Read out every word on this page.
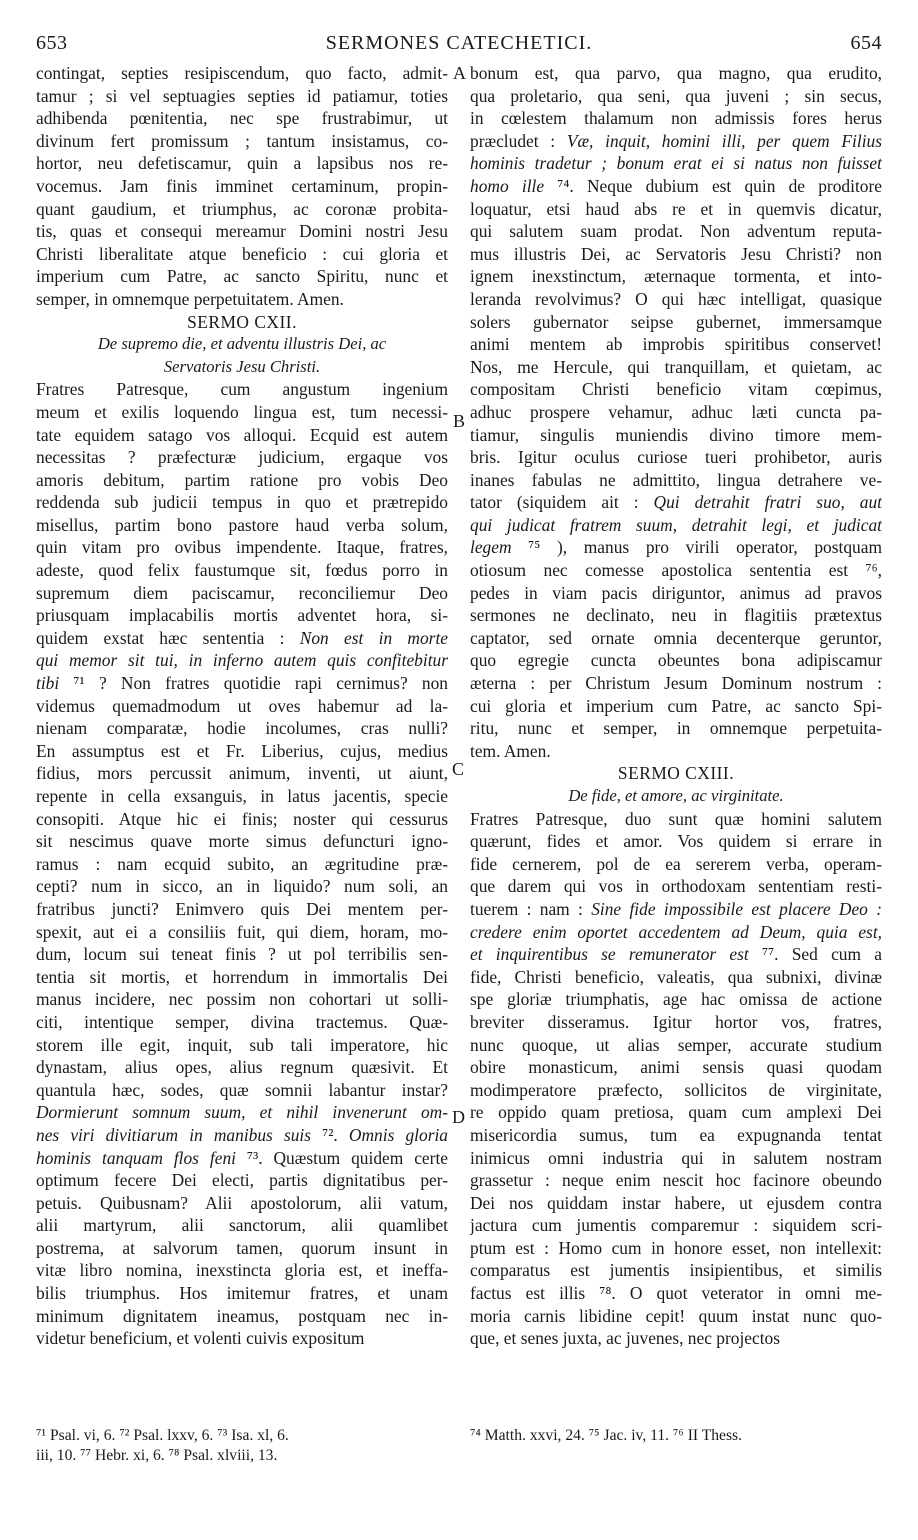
653	SERMONES CATECHETICI.	654
contingat, septies resipiscendum, quo facto, admit-
tamur ; si vel septuagies septies id patiamur, toties
adhibenda pœnitentia, nec spe frustrabimur, ut
divinum fert promissum ; tantum insistamus, co-
hortor, neu defetiscamur, quin a lapsibus nos re-
vocemus. Jam finis imminet certaminum, propin-
quant gaudium, et triumphus, ac coronæ probita-
tis, quas et consequi mereamur Domini nostri Jesu
Christi liberalitate atque beneficio : cui gloria et
imperium cum Patre, ac sancto Spiritu, nunc et
semper, in omnemque perpetuitatem. Amen.
SERMO CXII.
De supremo die, et adventu illustris Dei, ac
Servatoris Jesu Christi.
Fratres Patresque, cum angustum ingenium
meum et exilis loquendo lingua est, tum necessi-
tate equidem satago vos alloqui. Ecquid est autem
necessitas ? præfecturæ judicium, ergaque vos
amoris debitum, partim ratione pro vobis Deo
reddenda sub judicii tempus in quo et prætrepido
misellus, partim bono pastore haud verba solum,
quin vitam pro ovibus impendente. Itaque, fratres,
adeste, quod felix faustumque sit, fœdus porro in
supremum diem paciscamur, reconciliemur Deo
priusquam implacabilis mortis adventet hora, si-
quidem exstat hæc sententia : Non est in morte
qui memor sit tui, in inferno autem quis confitebitur
tibi ⁷¹ ? Non fratres quotidie rapi cernimus? non
videmus quemadmodum ut oves habemur ad la-
nienam comparatæ, hodie incolumes, cras nulli?
En assumptus est et Fr. Liberius, cujus, medius
fidius, mors percussit animum, inventi, ut aiunt,
repente in cella exsanguis, in latus jacentis, specie
consopiti. Atque hic ei finis; noster qui cessurus
sit nescimus quave morte simus defuncturi igno-
ramus : nam ecquid subito, an ægritudine præ-
cepti? num in sicco, an in liquido? num soli, an
fratribus juncti? Enimvero quis Dei mentem per-
spexit, aut ei a consiliis fuit, qui diem, horam, mo-
dum, locum sui teneat finis ? ut pol terribilis sen-
tentia sit mortis, et horrendum in immortalis Dei
manus incidere, nec possim non cohortari ut solli-
citi, intentique semper, divina tractemus. Quæ-
storem ille egit, inquit, sub tali imperatore, hic
dynastam, alius opes, alius regnum quæsivit. Et
quantula hæc, sodes, quæ somnii labantur instar?
Dormierunt somnum suum, et nihil invenerunt om-
nes viri divitiarum in manibus suis ⁷². Omnis gloria
hominis tanquam flos feni ⁷³. Quæstum quidem certe
optimum fecere Dei electi, partis dignitatibus per-
petuis. Quibusnam? Alii apostolorum, alii vatum,
alii martyrum, alii sanctorum, alii quamlibet
postrema, at salvorum tamen, quorum insunt in
vitæ libro nomina, inexstincta gloria est, et ineffa-
bilis triumphus. Hos imitemur fratres, et unam
minimum dignitatem ineamus, postquam nec in-
videtur beneficium, et volenti cuivis expositum
bonum est, qua parvo, qua magno, qua erudito,
qua proletario, qua seni, qua juveni ; sin secus,
in cœlestem thalamum non admissis fores herus
præcludet : Væ, inquit, homini illi, per quem Filius
hominis tradetur ; bonum erat ei si natus non fuisset
homo ille ⁷⁴. Neque dubium est quin de proditore
loquatur, etsi haud abs re et in quemvis dicatur,
qui salutem suam prodat. Non adventum reputa-
mus illustris Dei, ac Servatoris Jesu Christi? non
ignem inexstinctum, æternaque tormenta, et into-
leranda revolvimus? O qui hæc intelligat, quasique
solers gubernator seipse gubernet, immersamque
animi mentem ab improbis spiritibus conservet!
Nos, me Hercule, qui tranquillam, et quietam, ac
compositam Christi beneficio vitam cœpimus,
adhuc prospere vehamur, adhuc læti cuncta pa-
tiamur, singulis muniendis divino timore mem-
bris. Igitur oculus curiose tueri prohibetor, auris
inanes fabulas ne admittito, lingua detrahere ve-
tator (siquidem ait : Qui detrahit fratri suo, aut
qui judicat fratrem suum, detrahit legi, et judicat
legem ⁷⁵ ), manus pro virili operator, postquam
otiosum nec comesse apostolica sententia est ⁷⁶,
pedes in viam pacis diriguntor, animus ad pravos
sermones ne declinato, neu in flagitiis prætextus
captator, sed ornate omnia decenterque geruntor,
quo egregie cuncta obeuntes bona adipiscamur
æterna : per Christum Jesum Dominum nostrum :
cui gloria et imperium cum Patre, ac sancto Spi-
ritu, nunc et semper, in omnemque perpetuita-
tem. Amen.
SERMO CXIII.
De fide, et amore, ac virginitate.
Fratres Patresque, duo sunt quæ homini salutem
quærunt, fides et amor. Vos quidem si errare in
fide cernerem, pol de ea sererem verba, operam-
que darem qui vos in orthodoxam sententiam resti-
tuerem : nam : Sine fide impossibile est placere Deo :
credere enim oportet accedentem ad Deum, quia est,
et inquirentibus se remunerator est ⁷⁷. Sed cum a
fide, Christi beneficio, valeatis, qua subnixi, divinæ
spe gloriæ triumphatis, age hac omissa de actione
breviter disseramus. Igitur hortor vos, fratres,
nunc quoque, ut alias semper, accurate studium
obire monasticum, animi sensis quasi quodam
modimperatore præfecto, sollicitos de virginitate,
re oppido quam pretiosa, quam cum amplexi Dei
misericordia sumus, tum ea expugnanda tentat
inimicus omni industria qui in salutem nostram
grassetur : neque enim nescit hoc facinore obeundo
Dei nos quiddam instar habere, ut ejusdem contra
jactura cum jumentis comparemur : siquidem scri-
ptum est : Homo cum in honore esset, non intellexit:
comparatus est jumentis insipientibus, et similis
factus est illis ⁷⁸. O quot veterator in omni me-
moria carnis libidine cepit! quum instat nunc quo-
que, et senes juxta, ac juvenes, nec projectos
A
B
C
D
⁷¹ Psal. vi, 6. ⁷² Psal. lxxv, 6. ⁷³ Isa. xl, 6.
iii, 10. ⁷⁷ Hebr. xi, 6. ⁷⁸ Psal. xlviii, 13.
⁷⁴ Matth. xxvi, 24. ⁷⁵ Jac. iv, 11. ⁷⁶ II Thess.
